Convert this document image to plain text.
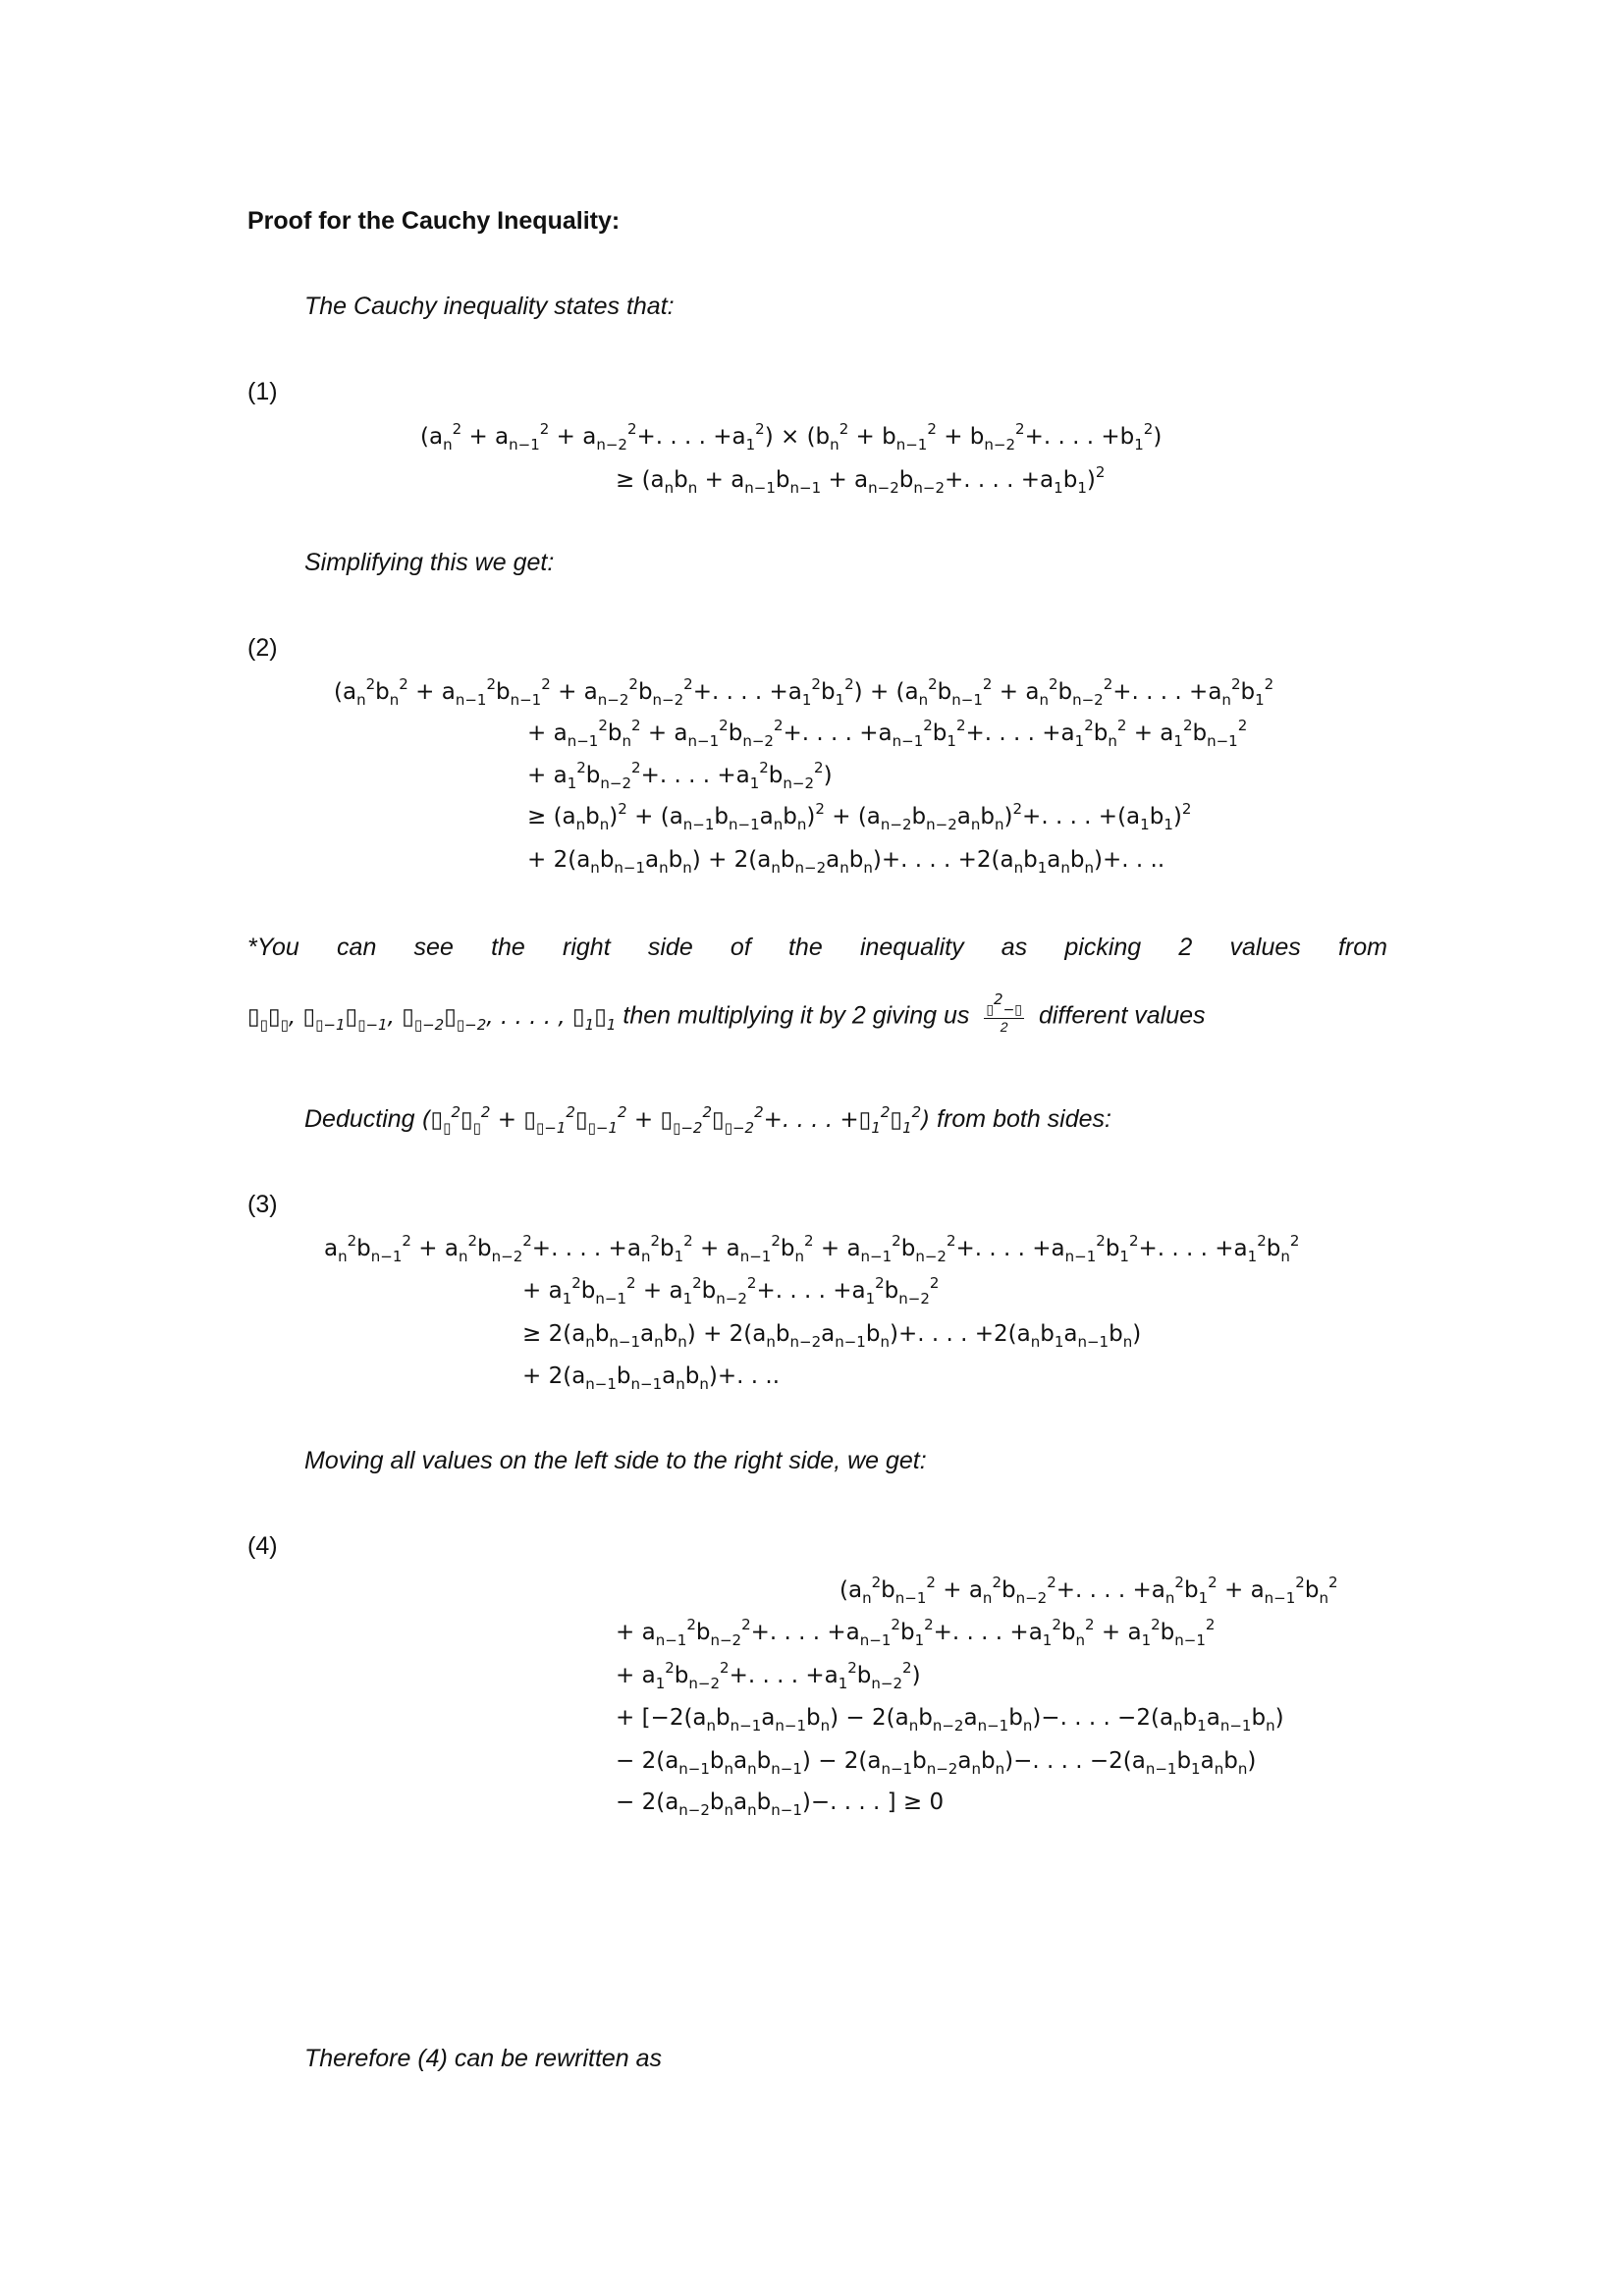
Proof for the Cauchy Inequality:
The Cauchy inequality states that:
(1)
($a_n^2 + a_{n-1}^2 + a_{n-2}^2+$. . . . $+a_1^2) \times (b_n^2 + b_{n-1}^2 + b_{n-2}^2+$. . . . $+b_1^2$)
≥ ($a_nb_n + a_{n-1}b_{n-1} + a_{n-2}b_{n-2}+$. . . . $+a_1b_1)^2$
Simplifying this we get:
(2)
($a_n^2b_n^2 + a_{n-1}^2b_{n-1}^2 + a_{n-2}^2b_{n-2}^2+$. . . . $+a_1^2b_1^2) + (a_n^2b_{n-1}^2 + a_n^2b_{n-2}^2+$. . . . $+a_n^2b_1^2$
+ $a_{n-1}^2b_n^2 + a_{n-1}^2b_{n-2}^2+$. . . . $+a_{n-1}^2b_1^2+$. . . . $+a_1^2b_n^2 + a_1^2b_{n-1}^2$
+ $a_1^2b_{n-2}^2+$. . . . $+a_1^2b_{n-2}^2$)
≥ $(a_nb_n)^2 + (a_{n-1}b_{n-1}a_nb_n)^2 + (a_{n-2}b_{n-2}a_nb_n)^2+$. . . . $+(a_1b_1)^2$
+ $2(a_nb_{n-1}a_nb_n) + 2(a_nb_{n-2}a_nb_n)+$. . . . $+2(a_nb_1a_nb_n)+$. . ..
*You can see the right side of the inequality as picking 2 values from
$▯_▯▯_▯$, $▯_{▯-1}▯_{▯-1}$, $▯_{▯-2}▯_{▯-2}$, . . . . , $▯_1▯_1$ then multiplying it by 2 giving us $\frac{▯^2-▯}{2}$ different values
Deducting ($▯_▯^2▯_▯^2$ + $▯_{▯-1}^2▯_{▯-1}^2$ + $▯_{▯-2}^2▯_{▯-2}^2+$. . . . $+▯_1^2▯_1^2$) from both sides:
(3)
$a_n^2b_{n-1}^2 + a_n^2b_{n-2}^2+$. . . . $+a_n^2b_1^2 + a_{n-1}^2b_n^2 + a_{n-1}^2b_{n-2}^2+$. . . . $+a_{n-1}^2b_1^2+$. . . . $+a_1^2b_n^2$
+ $a_1^2b_{n-1}^2 + a_1^2b_{n-2}^2+$. . . . $+a_1^2b_{n-2}^2$
≥ $2(a_nb_{n-1}a_nb_n) + 2(a_nb_{n-2}a_{n-1}b_n)+$. . . . $+2(a_nb_1a_{n-1}b_n)$
+ $2(a_{n-1}b_{n-1}a_nb_n)+$. . ..
Moving all values on the left side to the right side, we get:
(4)
($a_n^2b_{n-1}^2 + a_n^2b_{n-2}^2+$. . . . $+a_n^2b_1^2 + a_{n-1}^2b_n^2$
+ $a_{n-1}^2b_{n-2}^2+$. . . . $+a_{n-1}^2b_1^2+$. . . . $+a_1^2b_n^2 + a_1^2b_{n-1}^2$
+ $a_1^2b_{n-2}^2+$. . . . $+a_1^2b_{n-2}^2$)
+ [$-2(a_nb_{n-1}a_{n-1}b_n) - 2(a_nb_{n-2}a_{n-1}b_n)-$. . . . $-2(a_nb_1a_{n-1}b_n)$
− $2(a_{n-1}b_na_nb_{n-1}) - 2(a_{n-1}b_{n-2}a_nb_n)-$. . . . $-2(a_{n-1}b_1a_nb_n)$
− $2(a_{n-2}b_na_nb_{n-1})-$. . . . ] ≥ 0
Therefore (4) can be rewritten as
